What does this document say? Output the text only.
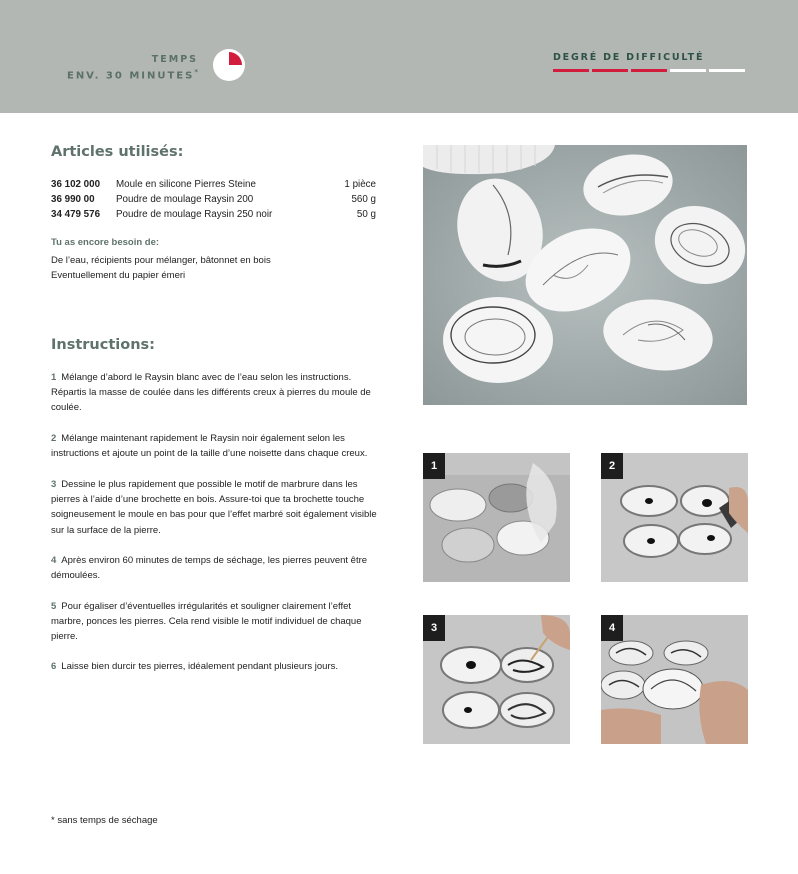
TEMPS
ENV. 30 MINUTES*
DEGRÉ DE DIFFICULTÉ
Articles utilisés:
36 102 000	Moule en silicone Pierres Steine	1 pièce
36 990 00	Poudre de moulage Raysin 200	560 g
34 479 576	Poudre de moulage Raysin 250 noir	50 g
Tu as encore besoin de:
De l’eau, récipients pour mélanger, bâtonnet en bois
Eventuellement du papier émeri
Instructions:
1 Mélange d’abord le Raysin blanc avec de l’eau selon les instructions. Répartis la masse de coulée dans les différents creux à pierres du moule de coulée.
2 Mélange maintenant rapidement le Raysin noir également selon les instructions et ajoute un point de la taille d’une noisette dans chaque creux.
3 Dessine le plus rapidement que possible le motif de marbrure dans les pierres à l’aide d’une brochette en bois. Assure-toi que ta brochette touche soigneusement le moule en bas pour que l’effet marbré soit également visible sur la surface de la pierre.
4 Après environ 60 minutes de temps de séchage, les pierres peuvent être démoulées.
5 Pour égaliser d’éventuelles irrégularités et souligner clairement l’effet marbre, ponces les pierres. Cela rend visible le motif individuel de chaque pierre.
6 Laisse bien durcir tes pierres, idéalement pendant plusieurs jours.
* sans temps de séchage
1	2
3	4
